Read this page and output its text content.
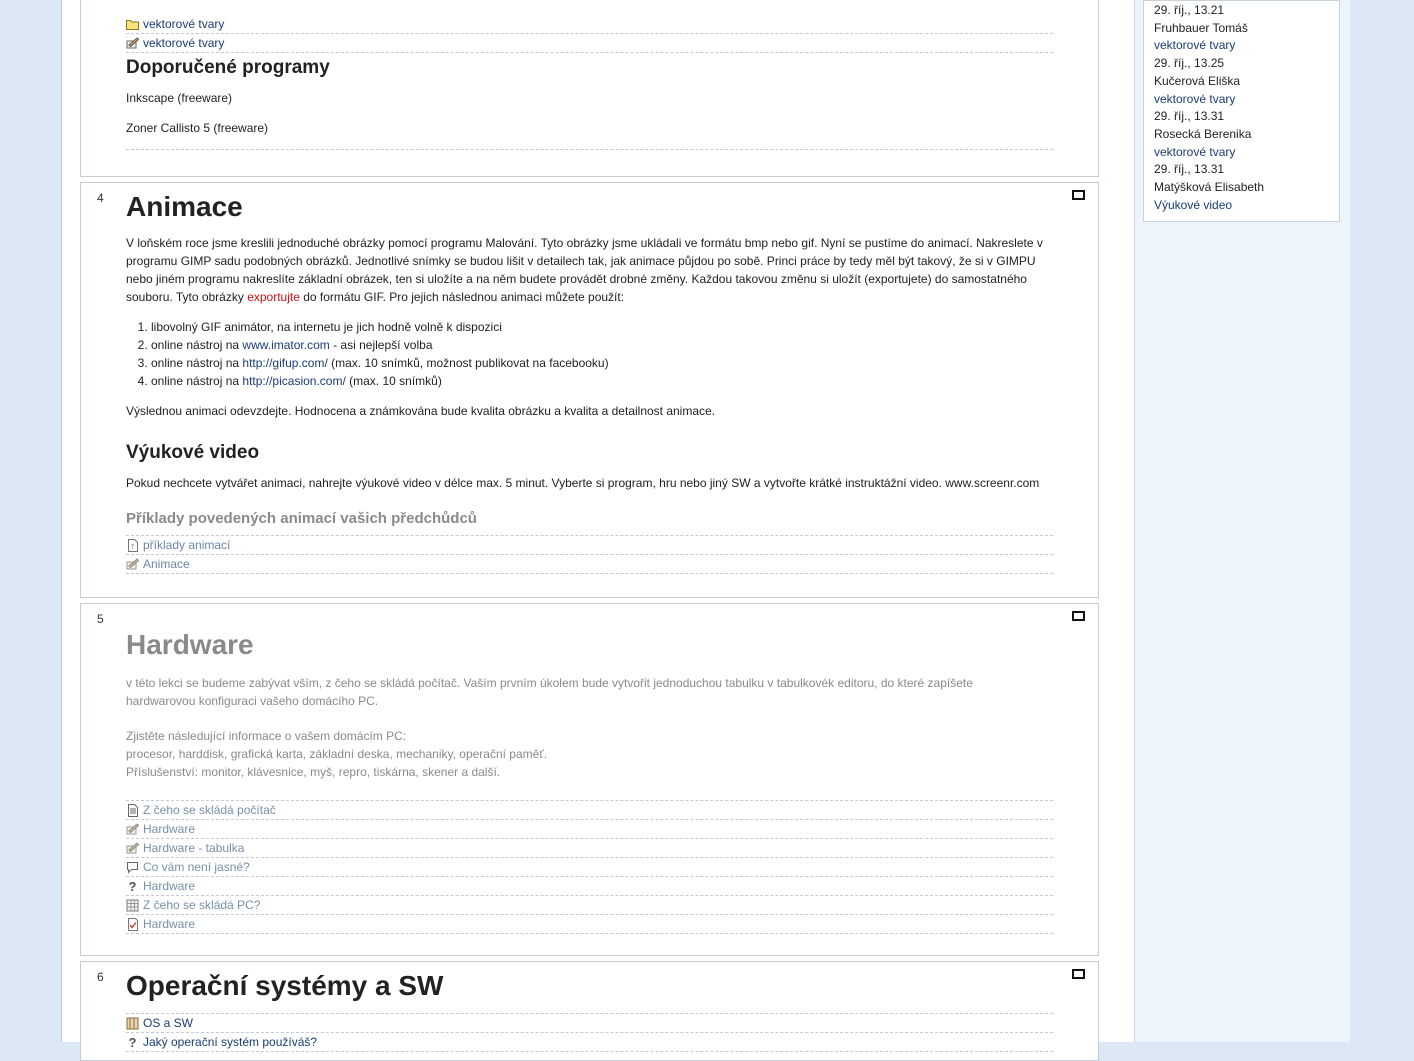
vektorové tvary
vektorové tvary
Doporučené programy

Inkscape (freeware)

Zoner Callisto 5 (freeware)

4 Animace

V loňském roce jsme kreslili jednoduché obrázky pomocí programu Malování. Tyto obrázky jsme ukládali ve formátu bmp nebo gif. Nyní se pustíme do animací. Nakreslete v programu GIMP sadu podobných obrázků. Jednotlivé snímky se budou lišit v detailech tak, jak animace půjdou po sobě. Princi práce by tedy měl být takový, že si v GIMPU nebo jiném programu nakreslíte základní obrázek, ten si uložíte a na něm budete provádět drobné změny. Každou takovou změnu si uložít (exportujete) do samostatného souboru. Tyto obrázky exportujte do formátu GIF. Pro jejich následnou animaci můžete použít:

1. libovolný GIF animátor, na internetu je jich hodně volně k dispozici
2. online nástroj na www.imator.com - asi nejlepší volba
3. online nástroj na http://gifup.com/ (max. 10 snímků, možnost publikovat na facebooku)
4. online nástroj na http://picasion.com/ (max. 10 snímků)

Výslednou animaci odevzdejte. Hodnocena a známkována bude kvalita obrázku a kvalita a detailnost animace.

Výukové video

Pokud nechcete vytvářet animaci, nahrejte výukové video v délce max. 5 minut. Vyberte si program, hru nebo jiný SW a vytvořte krátké instruktážní video. www.screenr.com

Příklady povedených animací vašich předchůdců
? příklady animací
Animace
5
Hardware

v této lekci se budeme zabývat vším, z čeho se skládá počítač. Vaším prvním úkolem bude vytvořit jednoduchou tabulku v tabulkovék editoru, do které zapíšete
hardwarovou konfiguraci vašeho domácího PC.

Zjistěte následující informace o vašem domácím PC:
procesor, harddisk, grafická karta, základní deska, mechaniky, operační paměť.
Příslušenství: monitor, klávesnice, myš, repro, tiskárna, skener a další.

Z čeho se skládá počítač
Hardware
Hardware - tabulka
Co vám není jasné?
? Hardware
Z čeho se skládá PC?
Hardware
6 Operační systémy a SW
OS a SW
? Jaký operační systém používáš?
29. říj., 13.21
Fruhbauer Tomáš
vektorové tvary
29. říj., 13.25
Kučerová Eliška
vektorové tvary
29. říj., 13.31
Rosecká Berenika
vektorové tvary
29. říj., 13.31
Matýšková Elisabeth
Výukové video
